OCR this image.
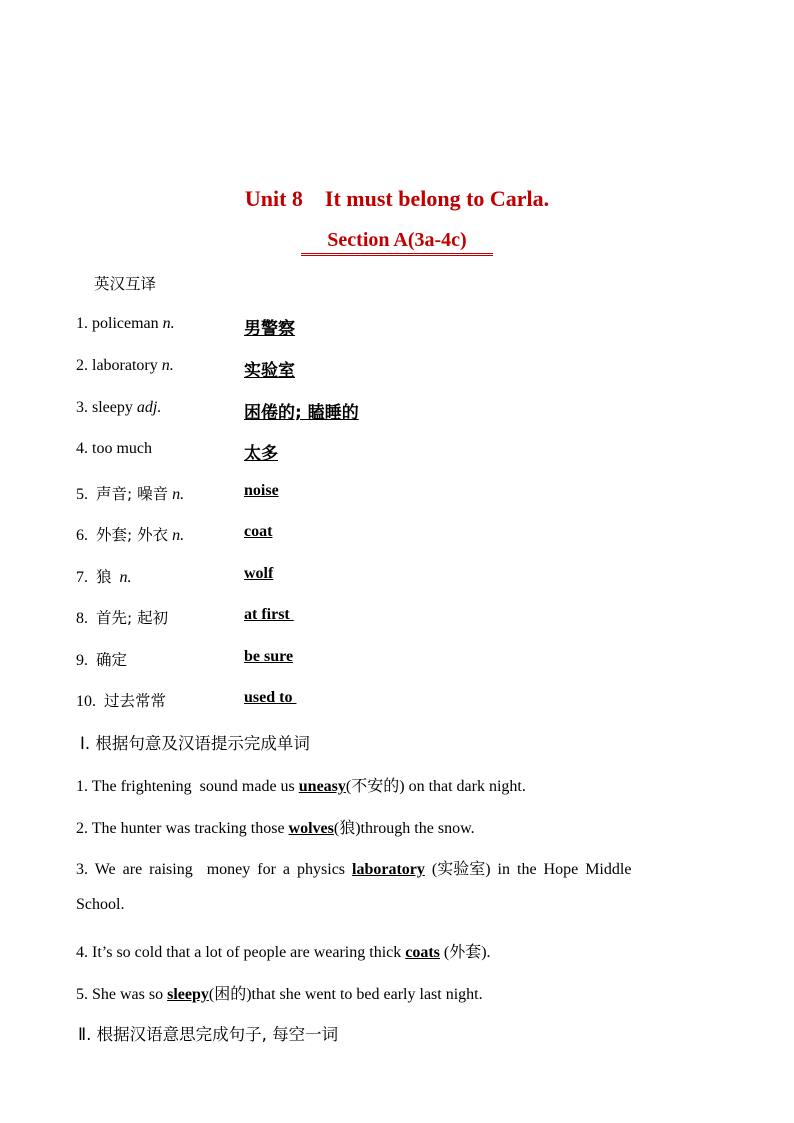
Unit 8 It must belong to Carla.
Section A(3a-4c)
英汉互译
1. policeman n.	男警察
2. laboratory n.	实验室
3. sleepy adj.	困倦的; 瞌睡的
4. too much	太多
5. 声音; 噪音 n.	noise
6. 外套; 外衣 n.	coat
7. 狼 n.	wolf
8. 首先; 起初	at first
9. 确定	be sure
10. 过去常常	used to
Ⅰ. 根据句意及汉语提示完成单词
1. The frightening  sound made us uneasy(不安的) on that dark night.
2. The hunter was tracking those wolves(狼)through the snow.
3. We are raising  money for a physics laboratory (实验室) in the Hope Middle
School.
4. It’s so cold that a lot of people are wearing thick coats (外套).
5. She was so sleepy(困的)that she went to bed early last night.
Ⅱ. 根据汉语意思完成句子, 每空一词
